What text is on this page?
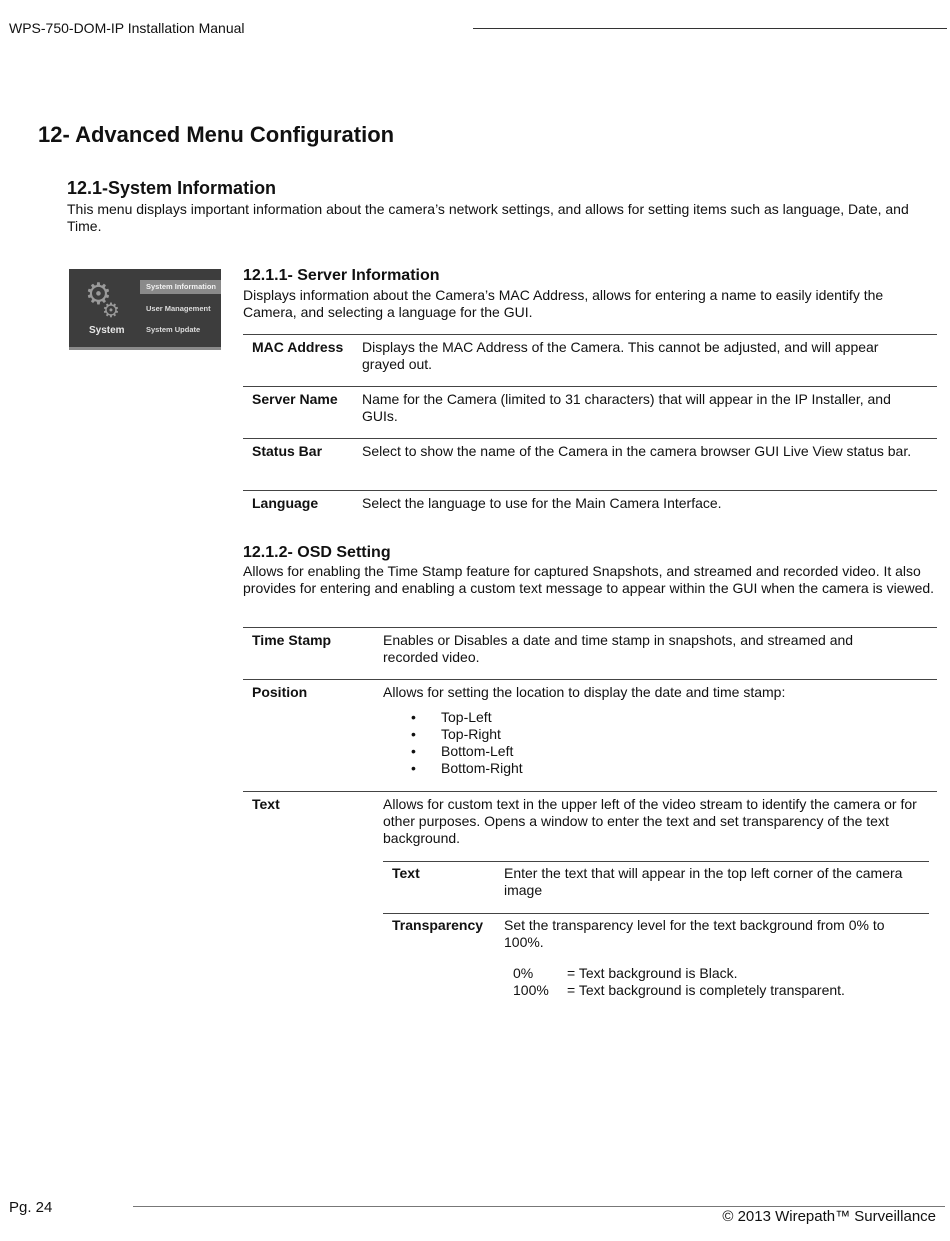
WPS-750-DOM-IP Installation Manual
12- Advanced Menu Configuration
12.1-System Information
This menu displays important information about the camera’s network settings, and allows for setting items such as language, Date, and Time.
⚙
⚙
System
System Information
User Management
System Update
12.1.1- Server Information
Displays information about the Camera’s MAC Address, allows for entering a name to easily identify the Camera, and selecting a language for the GUI.
MAC Address	Displays the MAC Address of the Camera. This cannot be adjusted, and will appear grayed out.
Server Name	Name for the Camera (limited to 31 characters) that will appear in the IP Installer, and GUIs.
Status Bar	Select to show the name of the Camera in the camera browser GUI Live View status bar.
Language	Select the language to use for the Main Camera Interface.
12.1.2- OSD Setting
Allows for enabling the Time Stamp feature for captured Snapshots, and streamed and recorded video. It also provides for entering and enabling a custom text message to appear within the GUI when the camera is viewed.
Time Stamp	Enables or Disables a date and time stamp in snapshots, and streamed and recorded video.
Position	Allows for setting the location to display the date and time stamp:
• Top-Left
• Top-Right
• Bottom-Left
• Bottom-Right

Text	Allows for custom text in the upper left of the video stream to identify the camera or for other purposes. Opens a window to enter the text and set transparency of the text background.
Text	Enter the text that will appear in the top left corner of the camera image
Transparency	Set the transparency level for the text background from 0% to 100%.
0% = Text background is Black.
100% = Text background is completely transparent.
Pg. 24
© 2013 Wirepath™ Surveillance
